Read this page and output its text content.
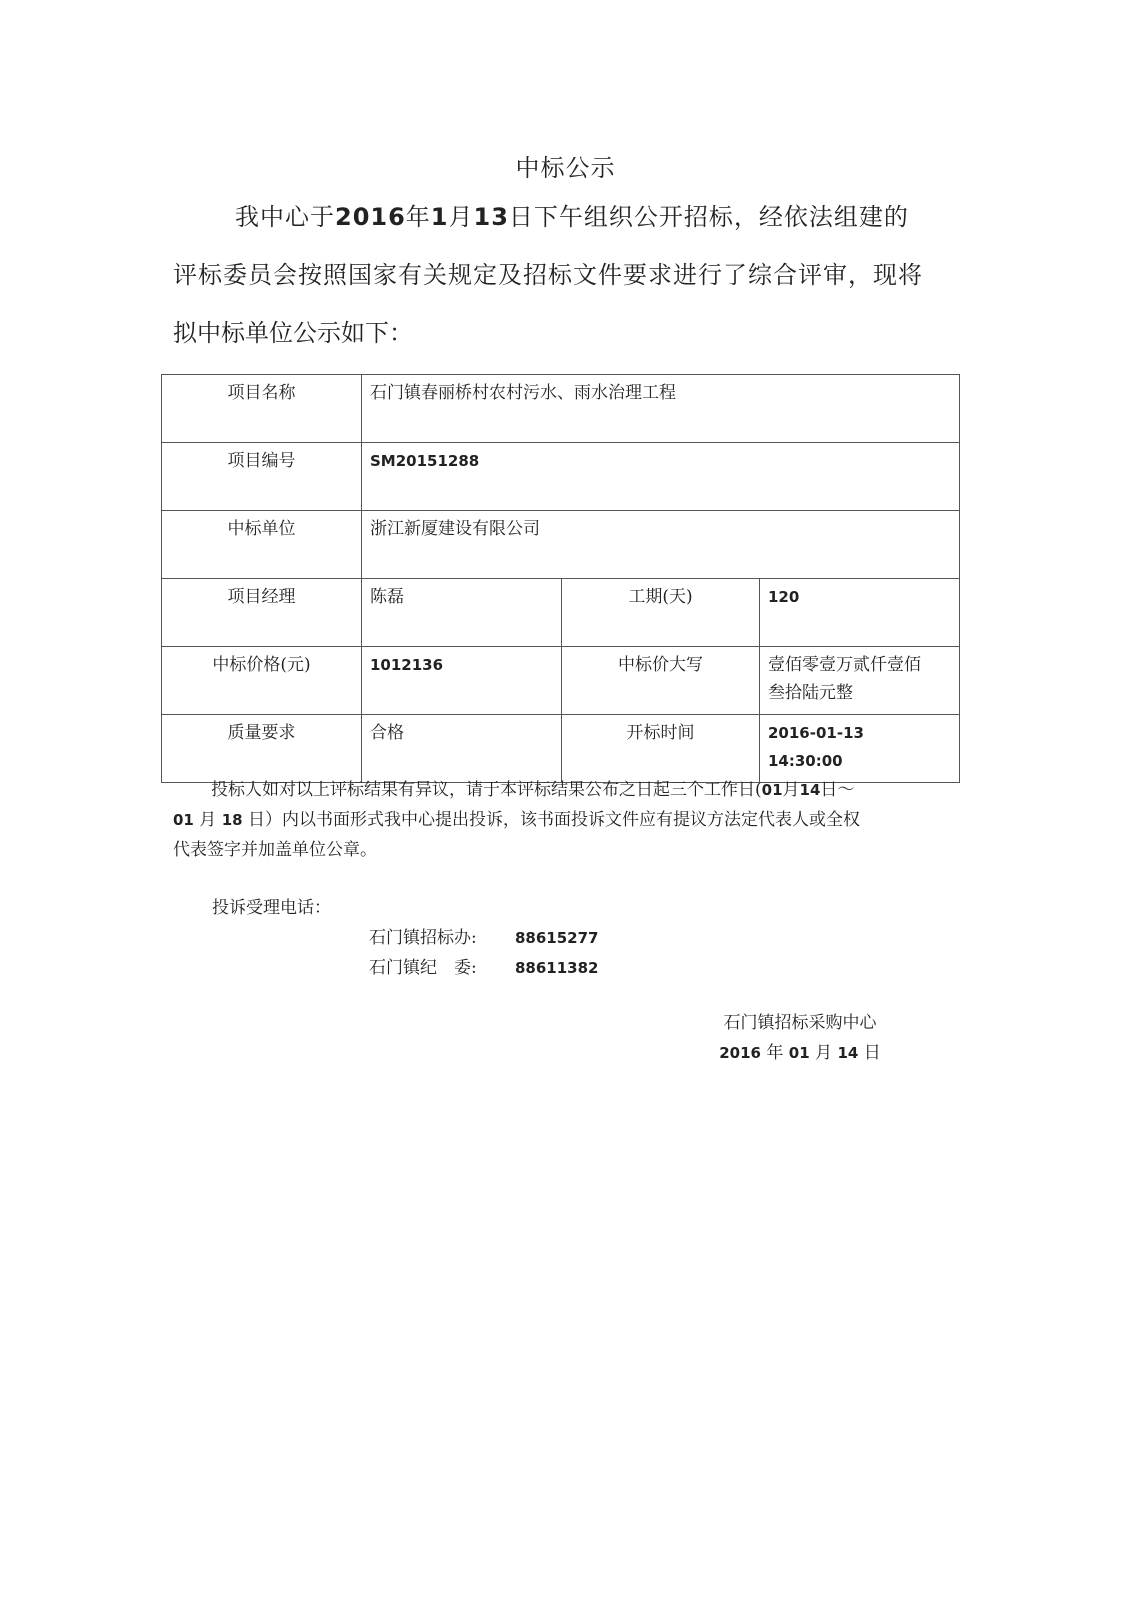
中标公示
我中心于2016年1月13日下午组织公开招标，经依法组建的
评标委员会按照国家有关规定及招标文件要求进行了综合评审，现将
拟中标单位公示如下：
项目名称	石门镇春丽桥村农村污水、雨水治理工程		
项目编号	SM20151288		
中标单位	浙江新厦建设有限公司		
项目经理	陈磊	工期(天)	120
中标价格(元)	1012136	中标价大写	壹佰零壹万贰仟壹佰
叁拾陆元整
质量要求	合格	开标时间	2016-01-13
14:30:00
投标人如对以上评标结果有异议，请于本评标结果公布之日起三个工作日(01月14日～
01 月 18 日）内以书面形式我中心提出投诉，该书面投诉文件应有提议方法定代表人或全权
代表签字并加盖单位公章。
投诉受理电话：
石门镇招标办:	88615277
石门镇纪　委:	88611382
石门镇招标采购中心
2016 年 01 月 14 日
